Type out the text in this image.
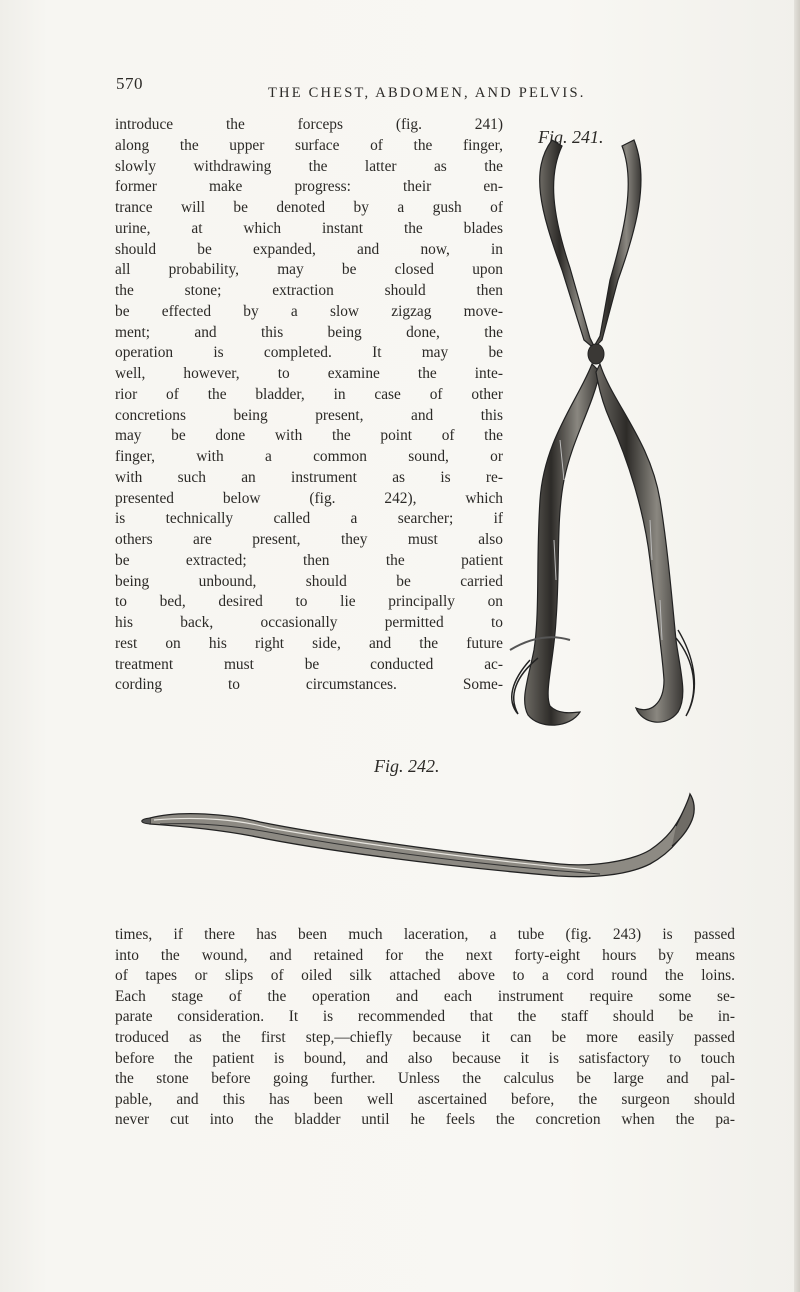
570	THE CHEST, ABDOMEN, AND PELVIS.
introduce the forceps (fig. 241)
along the upper surface of the finger,
slowly withdrawing the latter as the
former make progress: their en-
trance will be denoted by a gush of
urine, at which instant the blades
should be expanded, and now, in
all probability, may be closed upon
the stone; extraction should then
be effected by a slow zigzag move-
ment; and this being done, the
operation is completed. It may be
well, however, to examine the inte-
rior of the bladder, in case of other
concretions being present, and this
may be done with the point of the
finger, with a common sound, or
with such an instrument as is re-
presented below (fig. 242), which
is technically called a searcher; if
others are present, they must also
be extracted; then the patient
being unbound, should be carried
to bed, desired to lie principally on
his back, occasionally permitted to
rest on his right side, and the future
treatment must be conducted ac-
cording to circumstances. Some-
Fig. 241.
Fig. 242.
times, if there has been much laceration, a tube (fig. 243) is passed
into the wound, and retained for the next forty-eight hours by means
of tapes or slips of oiled silk attached above to a cord round the loins.
Each stage of the operation and each instrument require some se-
parate consideration. It is recommended that the staff should be in-
troduced as the first step,—chiefly because it can be more easily passed
before the patient is bound, and also because it is satisfactory to touch
the stone before going further. Unless the calculus be large and pal-
pable, and this has been well ascertained before, the surgeon should
never cut into the bladder until he feels the concretion when the pa-
